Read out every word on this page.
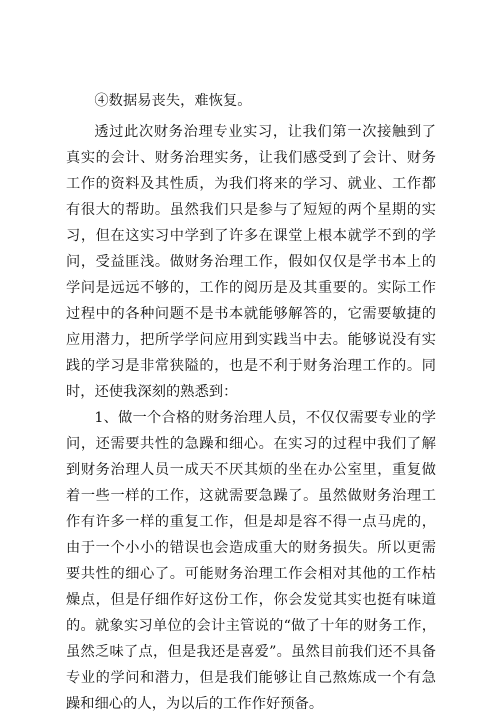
④数据易丧失，难恢复。

透过此次财务治理专业实习，让我们第一次接触到了真实的会计、财务治理实务，让我们感受到了会计、财务工作的资料及其性质，为我们将来的学习、就业、工作都有很大的帮助。虽然我们只是参与了短短的两个星期的实习，但在这实习中学到了许多在课堂上根本就学不到的学问，受益匪浅。做财务治理工作，假如仅仅是学书本上的学问是远远不够的，工作的阅历是及其重要的。实际工作过程中的各种问题不是书本就能够解答的，它需要敏捷的应用潜力，把所学学问应用到实践当中去。能够说没有实践的学习是非常狭隘的，也是不利于财务治理工作的。同时，还使我深刻的熟悉到：

1、做一个合格的财务治理人员，不仅仅需要专业的学问，还需要共性的急躁和细心。在实习的过程中我们了解到财务治理人员一成天不厌其烦的坐在办公室里，重复做着一些一样的工作，这就需要急躁了。虽然做财务治理工作有许多一样的重复工作，但是却是容不得一点马虎的，由于一个小小的错误也会造成重大的财务损失。所以更需要共性的细心了。可能财务治理工作会相对其他的工作枯燥点，但是仔细作好这份工作，你会发觉其实也挺有味道的。就象实习单位的会计主管说的“做了十年的财务工作，虽然乏味了点，但是我还是喜爱”。虽然目前我们还不具备专业的学问和潜力，但是我们能够让自己熬炼成一个有急躁和细心的人，为以后的工作作好预备。
